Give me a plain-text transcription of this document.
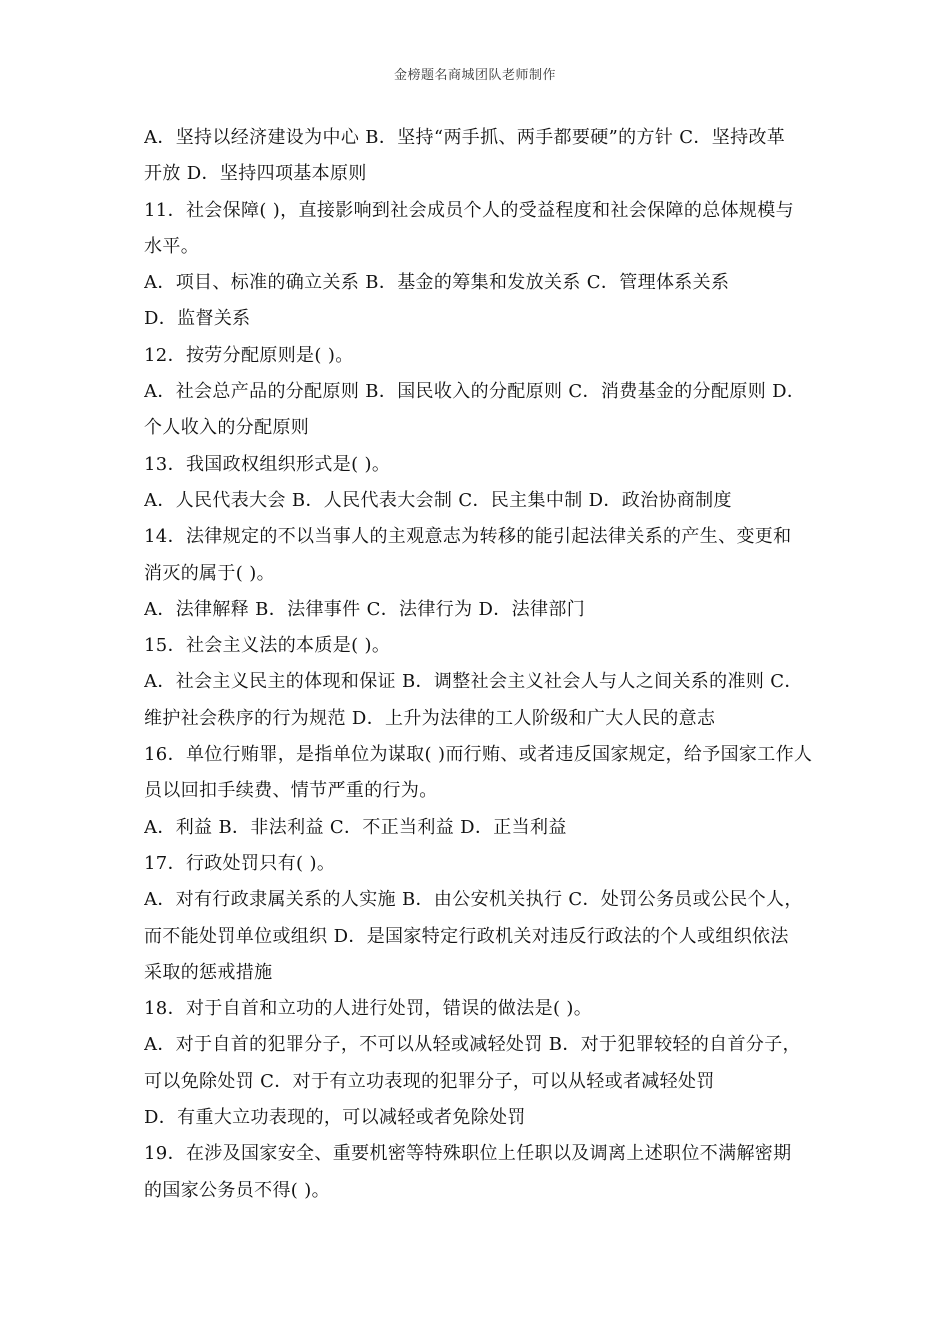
金榜题名商城团队老师制作
A．坚持以经济建设为中心 B．坚持“两手抓、两手都要硬”的方针 C．坚持改革
开放 D．坚持四项基本原则
11．社会保障( )，直接影响到社会成员个人的受益程度和社会保障的总体规模与
水平。
A．项目、标准的确立关系 B．基金的筹集和发放关系 C．管理体系关系
D．监督关系
12．按劳分配原则是( )。
A．社会总产品的分配原则 B．国民收入的分配原则 C．消费基金的分配原则 D．
个人收入的分配原则
13．我国政权组织形式是( )。
A．人民代表大会 B．人民代表大会制 C．民主集中制 D．政治协商制度
14．法律规定的不以当事人的主观意志为转移的能引起法律关系的产生、变更和
消灭的属于( )。
A．法律解释 B．法律事件 C．法律行为 D．法律部门
15．社会主义法的本质是( )。
A．社会主义民主的体现和保证 B．调整社会主义社会人与人之间关系的准则 C．
维护社会秩序的行为规范 D．上升为法律的工人阶级和广大人民的意志
16．单位行贿罪，是指单位为谋取( )而行贿、或者违反国家规定，给予国家工作人
员以回扣手续费、情节严重的行为。
A．利益 B．非法利益 C．不正当利益 D．正当利益
17．行政处罚只有( )。
A．对有行政隶属关系的人实施 B．由公安机关执行 C．处罚公务员或公民个人，
而不能处罚单位或组织 D．是国家特定行政机关对违反行政法的个人或组织依法
采取的惩戒措施
18．对于自首和立功的人进行处罚，错误的做法是( )。
A．对于自首的犯罪分子，不可以从轻或减轻处罚 B．对于犯罪较轻的自首分子，
可以免除处罚 C．对于有立功表现的犯罪分子，可以从轻或者减轻处罚
D．有重大立功表现的，可以减轻或者免除处罚
19．在涉及国家安全、重要机密等特殊职位上任职以及调离上述职位不满解密期
的国家公务员不得( )。
